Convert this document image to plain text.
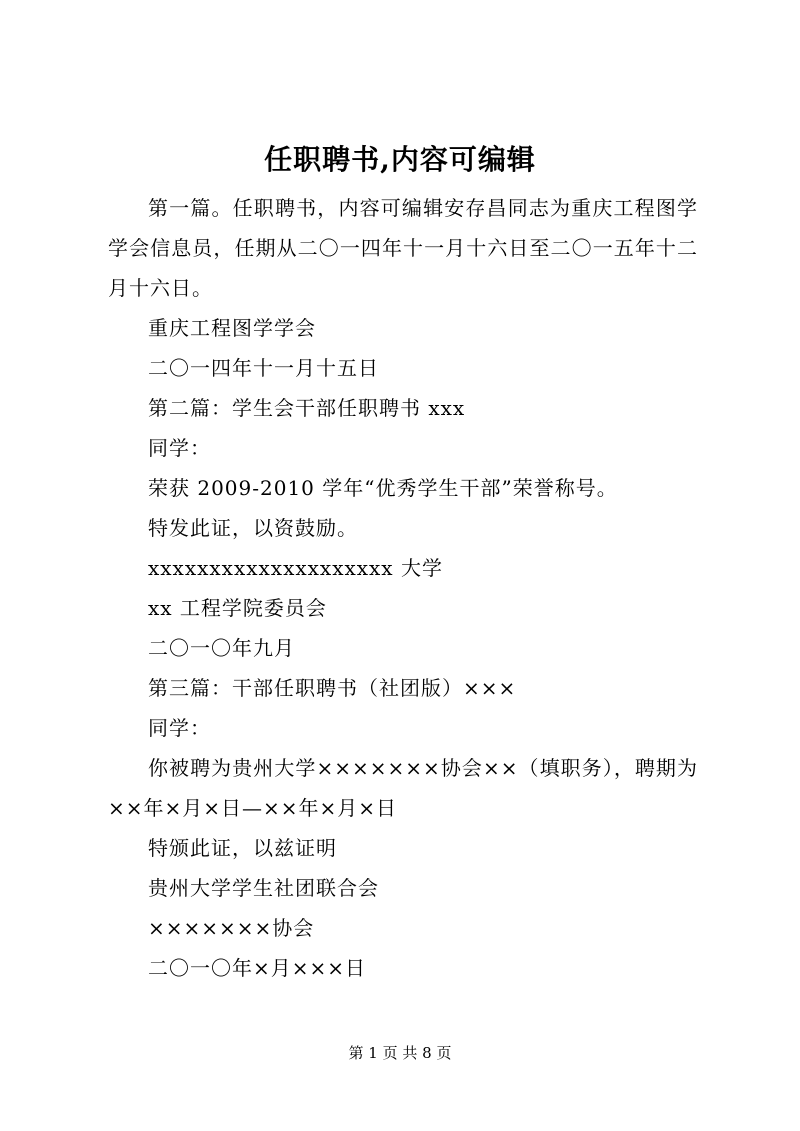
任职聘书,内容可编辑

第一篇。任职聘书，内容可编辑安存昌同志为重庆工程图学学会信息员，任期从二〇一四年十一月十六日至二〇一五年十二月十六日。

重庆工程图学学会

二〇一四年十一月十五日

第二篇：学生会干部任职聘书 xxx

同学：

荣获 2009-2010 学年“优秀学生干部”荣誉称号。

特发此证，以资鼓励。

xxxxxxxxxxxxxxxxxxxx 大学

xx 工程学院委员会

二〇一〇年九月

第三篇：干部任职聘书（社团版）×××

同学：

你被聘为贵州大学×××××××协会××（填职务），聘期为××年×月×日—××年×月×日

特颁此证，以兹证明

贵州大学学生社团联合会

×××××××协会

二〇一〇年×月×××日

第 1 页 共 8 页
